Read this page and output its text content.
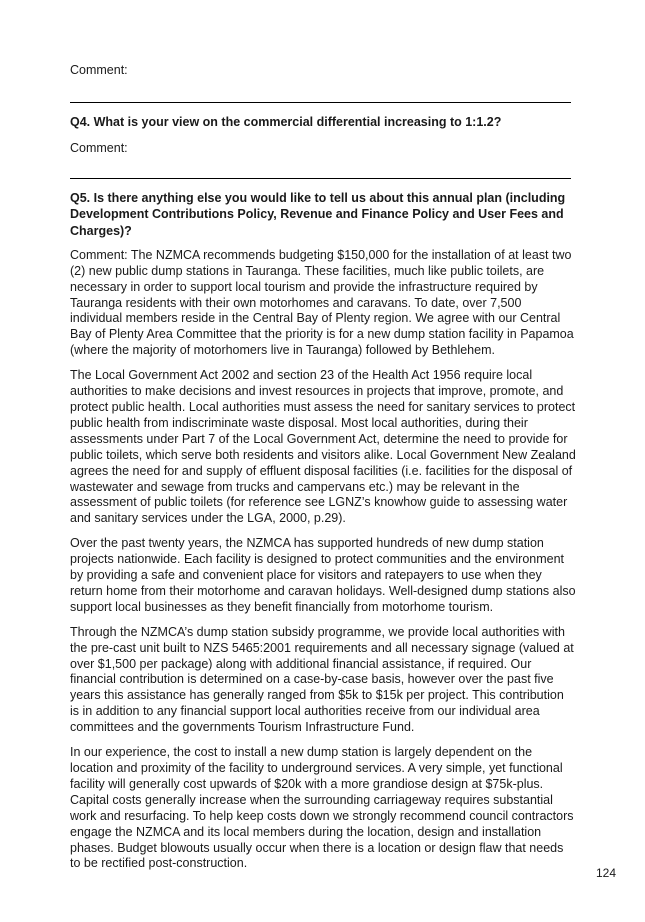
Comment:

Q4. What is your view on the commercial differential increasing to 1:1.2?

Comment:

Q5. Is there anything else you would like to tell us about this annual plan (including Development Contributions Policy, Revenue and Finance Policy and User Fees and Charges)?

Comment: The NZMCA recommends budgeting $150,000 for the installation of at least two (2) new public dump stations in Tauranga. These facilities, much like public toilets, are necessary in order to support local tourism and provide the infrastructure required by Tauranga residents with their own motorhomes and caravans. To date, over 7,500 individual members reside in the Central Bay of Plenty region. We agree with our Central Bay of Plenty Area Committee that the priority is for a new dump station facility in Papamoa (where the majority of motorhomers live in Tauranga) followed by Bethlehem.

The Local Government Act 2002 and section 23 of the Health Act 1956 require local authorities to make decisions and invest resources in projects that improve, promote, and protect public health. Local authorities must assess the need for sanitary services to protect public health from indiscriminate waste disposal. Most local authorities, during their assessments under Part 7 of the Local Government Act, determine the need to provide for public toilets, which serve both residents and visitors alike. Local Government New Zealand agrees the need for and supply of effluent disposal facilities (i.e. facilities for the disposal of wastewater and sewage from trucks and campervans etc.) may be relevant in the assessment of public toilets (for reference see LGNZ’s knowhow guide to assessing water and sanitary services under the LGA, 2000, p.29).

Over the past twenty years, the NZMCA has supported hundreds of new dump station projects nationwide. Each facility is designed to protect communities and the environment by providing a safe and convenient place for visitors and ratepayers to use when they return home from their motorhome and caravan holidays. Well-designed dump stations also support local businesses as they benefit financially from motorhome tourism.

Through the NZMCA’s dump station subsidy programme, we provide local authorities with the pre-cast unit built to NZS 5465:2001 requirements and all necessary signage (valued at over $1,500 per package) along with additional financial assistance, if required. Our financial contribution is determined on a case-by-case basis, however over the past five years this assistance has generally ranged from $5k to $15k per project. This contribution is in addition to any financial support local authorities receive from our individual area committees and the governments Tourism Infrastructure Fund.

In our experience, the cost to install a new dump station is largely dependent on the location and proximity of the facility to underground services. A very simple, yet functional facility will generally cost upwards of $20k with a more grandiose design at $75k-plus. Capital costs generally increase when the surrounding carriageway requires substantial work and resurfacing. To help keep costs down we strongly recommend council contractors engage the NZMCA and its local members during the location, design and installation phases. Budget blowouts usually occur when there is a location or design flaw that needs to be rectified post-construction.

124
